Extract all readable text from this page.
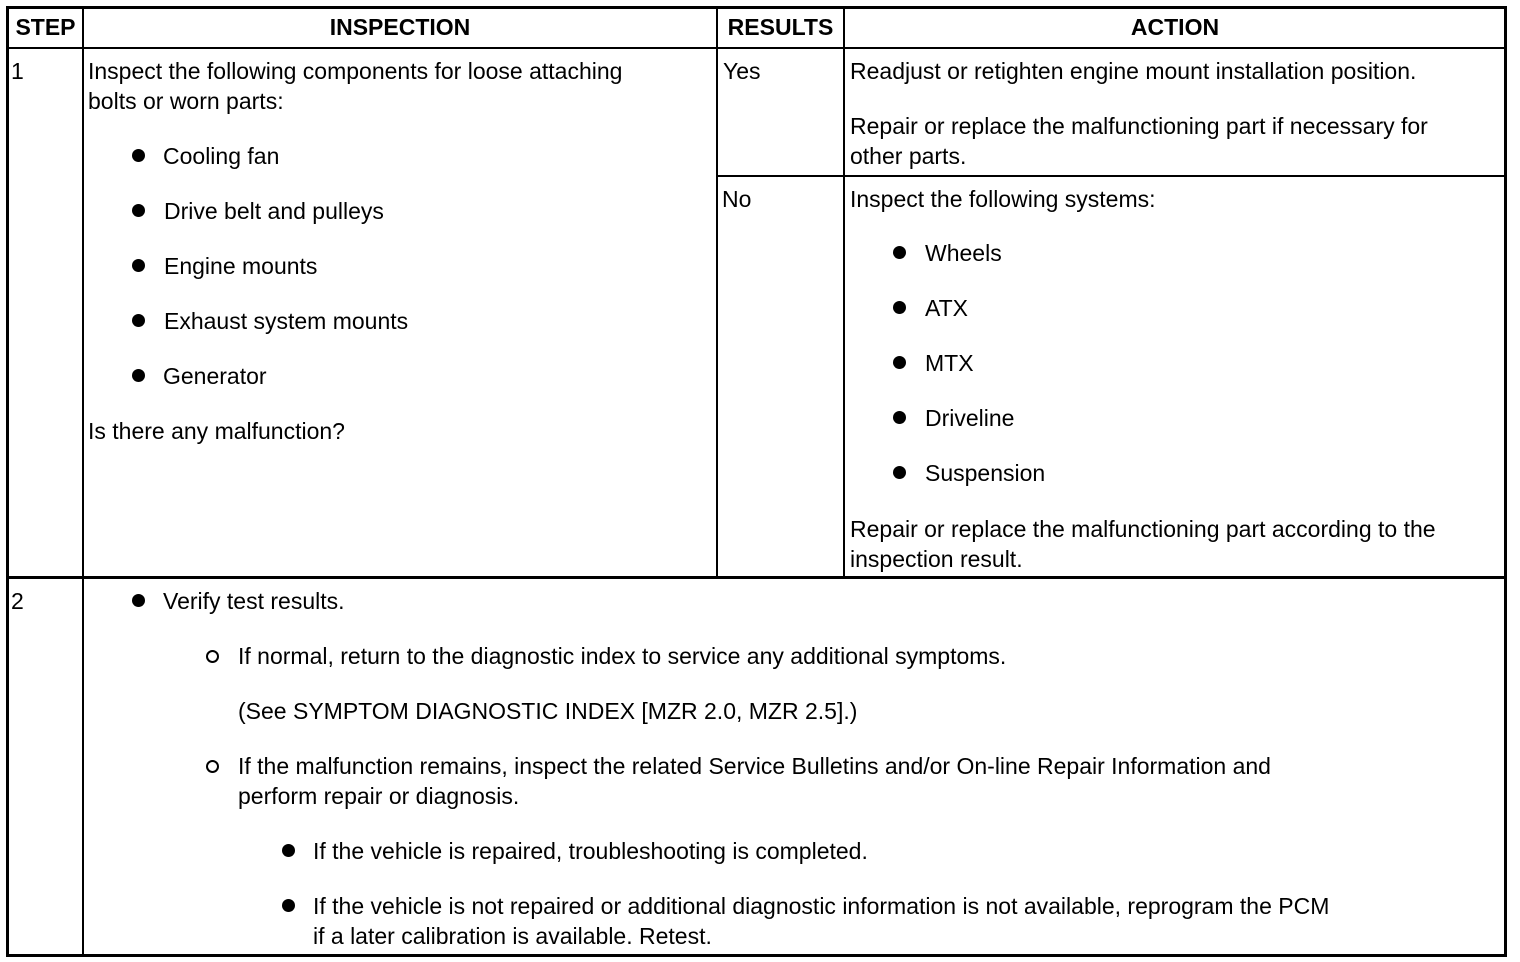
STEP	INSPECTION	RESULTS	ACTION
1	Inspect the following components for loose attaching
bolts or worn parts:
Cooling fan
Drive belt and pulleys
Engine mounts
Exhaust system mounts
Generator
Is there any malfunction?
Yes	Readjust or retighten engine mount installation position.
Repair or replace the malfunctioning part if necessary for
other parts.
No	Inspect the following systems:
Wheels
ATX
MTX
Driveline
Suspension
Repair or replace the malfunctioning part according to the
inspection result.
2	Verify test results.
If normal, return to the diagnostic index to service any additional symptoms.
(See SYMPTOM DIAGNOSTIC INDEX [MZR 2.0, MZR 2.5].)
If the malfunction remains, inspect the related Service Bulletins and/or On-line Repair Information and
perform repair or diagnosis.
If the vehicle is repaired, troubleshooting is completed.
If the vehicle is not repaired or additional diagnostic information is not available, reprogram the PCM
if a later calibration is available. Retest.
